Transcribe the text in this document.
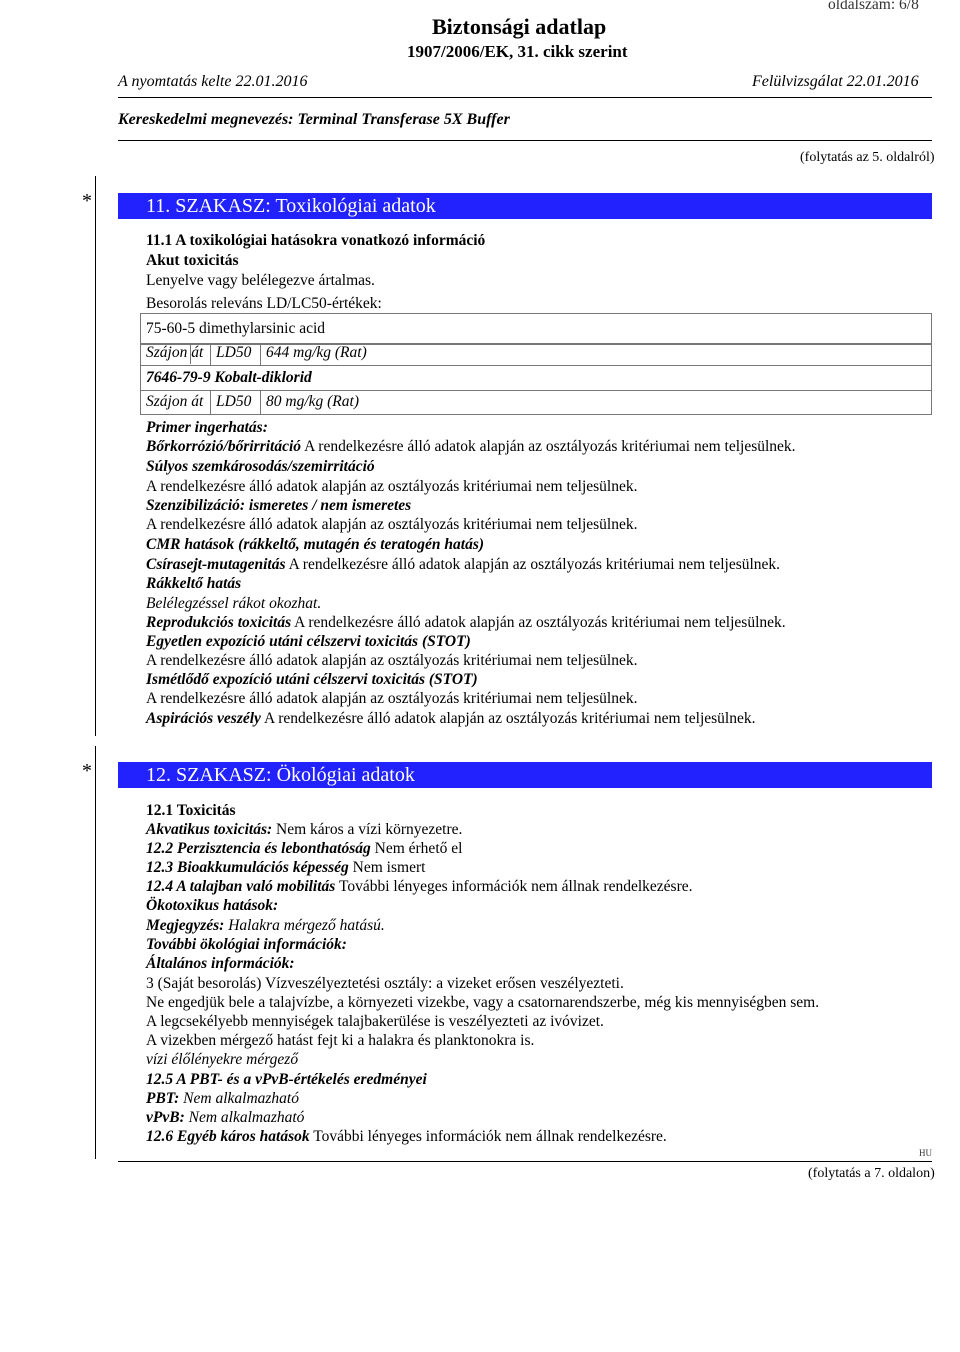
oldalszám: 6/8
Biztonsági adatlap
1907/2006/EK, 31. cikk szerint
A nyomtatás kelte 22.01.2016	Felülvizsgálat 22.01.2016
Kereskedelmi megnevezés: Terminal Transferase 5X Buffer
(folytatás az 5. oldalról)
*	11. SZAKASZ: Toxikológiai adatok
11.1 A toxikológiai hatásokra vonatkozó információ
Akut toxicitás
Lenyelve vagy belélegezve ártalmas.
Besorolás releváns LD/LC50-értékek:
75-60-5 dimethylarsinic acid
Szájon át LD50 644 mg/kg (Rat)
7646-79-9 Kobalt-diklorid
Szájon át LD50 80 mg/kg (Rat)
Primer ingerhatás:
Bőrkorrózió/bőrirritáció A rendelkezésre álló adatok alapján az osztályozás kritériumai nem teljesülnek.
Súlyos szemkárosodás/szemirritáció
A rendelkezésre álló adatok alapján az osztályozás kritériumai nem teljesülnek.
Szenzibilizáció: ismeretes / nem ismeretes
A rendelkezésre álló adatok alapján az osztályozás kritériumai nem teljesülnek.
CMR hatások (rákkeltő, mutagén és teratogén hatás)
Csírasejt-mutagenitás A rendelkezésre álló adatok alapján az osztályozás kritériumai nem teljesülnek.
Rákkeltő hatás
Belélegzéssel rákot okozhat.
Reprodukciós toxicitás A rendelkezésre álló adatok alapján az osztályozás kritériumai nem teljesülnek.
Egyetlen expozíció utáni célszervi toxicitás (STOT)
A rendelkezésre álló adatok alapján az osztályozás kritériumai nem teljesülnek.
Ismétlődő expozíció utáni célszervi toxicitás (STOT)
A rendelkezésre álló adatok alapján az osztályozás kritériumai nem teljesülnek.
Aspirációs veszély A rendelkezésre álló adatok alapján az osztályozás kritériumai nem teljesülnek.
*	12. SZAKASZ: Ökológiai adatok
12.1 Toxicitás
Akvatikus toxicitás: Nem káros a vízi környezetre.
12.2 Perzisztencia és lebonthatóság Nem érhető el
12.3 Bioakkumulációs képesség Nem ismert
12.4 A talajban való mobilitás További lényeges információk nem állnak rendelkezésre.
Ökotoxikus hatások:
Megjegyzés: Halakra mérgező hatású.
További ökológiai információk:
Általános információk:
3 (Saját besorolás) Vízveszélyeztetési osztály: a vizeket erősen veszélyezteti.
Ne engedjük bele a talajvízbe, a környezeti vizekbe, vagy a csatornarendszerbe, még kis mennyiségben sem.
A legcsekélyebb mennyiségek talajbakerülése is veszélyezteti az ivóvizet.
A vizekben mérgező hatást fejt ki a halakra és planktonokra is.
vízi élőlényekre mérgező
12.5 A PBT- és a vPvB-értékelés eredményei
PBT: Nem alkalmazható
vPvB: Nem alkalmazható
12.6 Egyéb káros hatások További lényeges információk nem állnak rendelkezésre.
HU
(folytatás a 7. oldalon)
